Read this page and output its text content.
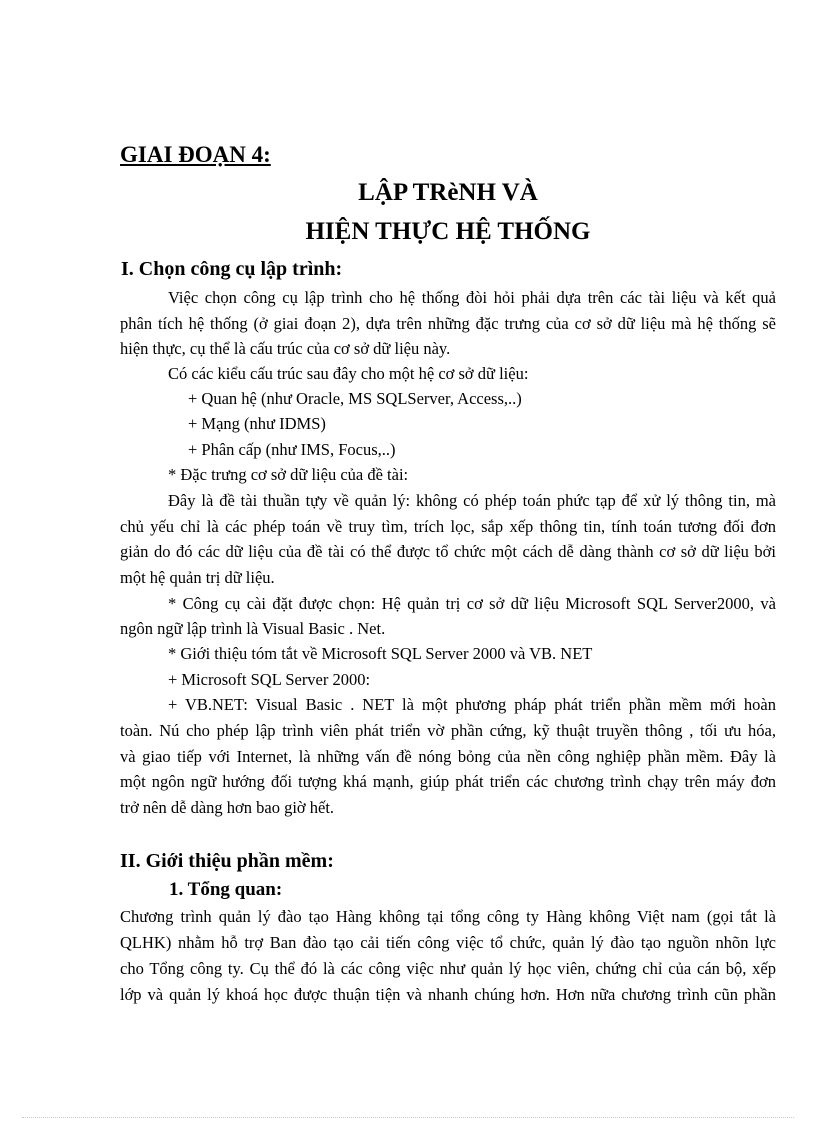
GIAI ĐOẠN 4:
LẬP TRèNH VÀ
HIỆN THỰC HỆ THỐNG
I. Chọn công cụ lập trình:
Việc chọn công cụ lập trình cho hệ thống đòi hỏi phải dựa trên các tài liệu và kết quả
phân tích hệ thống (ở giai đoạn 2), dựa trên những đặc trưng của cơ sở dữ liệu mà hệ thống sẽ
hiện thực, cụ thể là cấu trúc của cơ sở dữ liệu này.
Có các kiểu cấu trúc sau đây cho một hệ cơ sở dữ liệu:
+ Quan hệ (như Oracle, MS SQLServer, Access,..)
+ Mạng (như IDMS)
+ Phân cấp (như IMS, Focus,..)
* Đặc trưng cơ sở dữ liệu của đề tài:
Đây là đề tài thuần tựy về quản lý: không có phép toán phức tạp để xử lý thông tin, mà
chủ yếu chỉ là các phép toán về truy tìm, trích lọc, sắp xếp thông tin, tính toán tương đối đơn
giản do đó các dữ liệu của đề tài có thể được tổ chức một cách dễ dàng thành cơ sở dữ liệu bởi
một hệ quản trị dữ liệu.
* Công cụ cài đặt được chọn: Hệ quản trị cơ sở dữ liệu Microsoft SQL Server2000, và
ngôn ngữ lập trình là Visual Basic . Net.
* Giới thiệu tóm tắt về Microsoft SQL Server 2000 và VB. NET
+ Microsoft SQL Server 2000:
+ VB.NET: Visual Basic . NET là một phương pháp phát triển phần mềm mới hoàn
toàn. Nú cho phép lập trình viên phát triển vờ phần cứng, kỹ thuật truyền thông , tối ưu hóa,
và giao tiếp với Internet, là những vấn đề nóng bỏng của nền công nghiệp phần mềm. Đây là
một ngôn ngữ hướng đối tượng khá mạnh, giúp phát triển các chương trình chạy trên máy đơn
trở nên dễ dàng hơn bao giờ hết.
II. Giới thiệu phần mềm:
1. Tổng quan:
Chương trình quản lý đào tạo Hàng không tại tổng công ty Hàng không Việt nam (gọi tắt là
QLHK) nhằm hỗ trợ Ban đào tạo cải tiến công việc tổ chức, quản lý đào tạo nguồn nhõn lực
cho Tổng công ty. Cụ thể đó là các công việc như quản lý học viên, chứng chỉ của cán bộ, xếp
lớp và quản lý khoá học được thuận tiện và nhanh chúng hơn. Hơn nữa chương trình cũn phần
